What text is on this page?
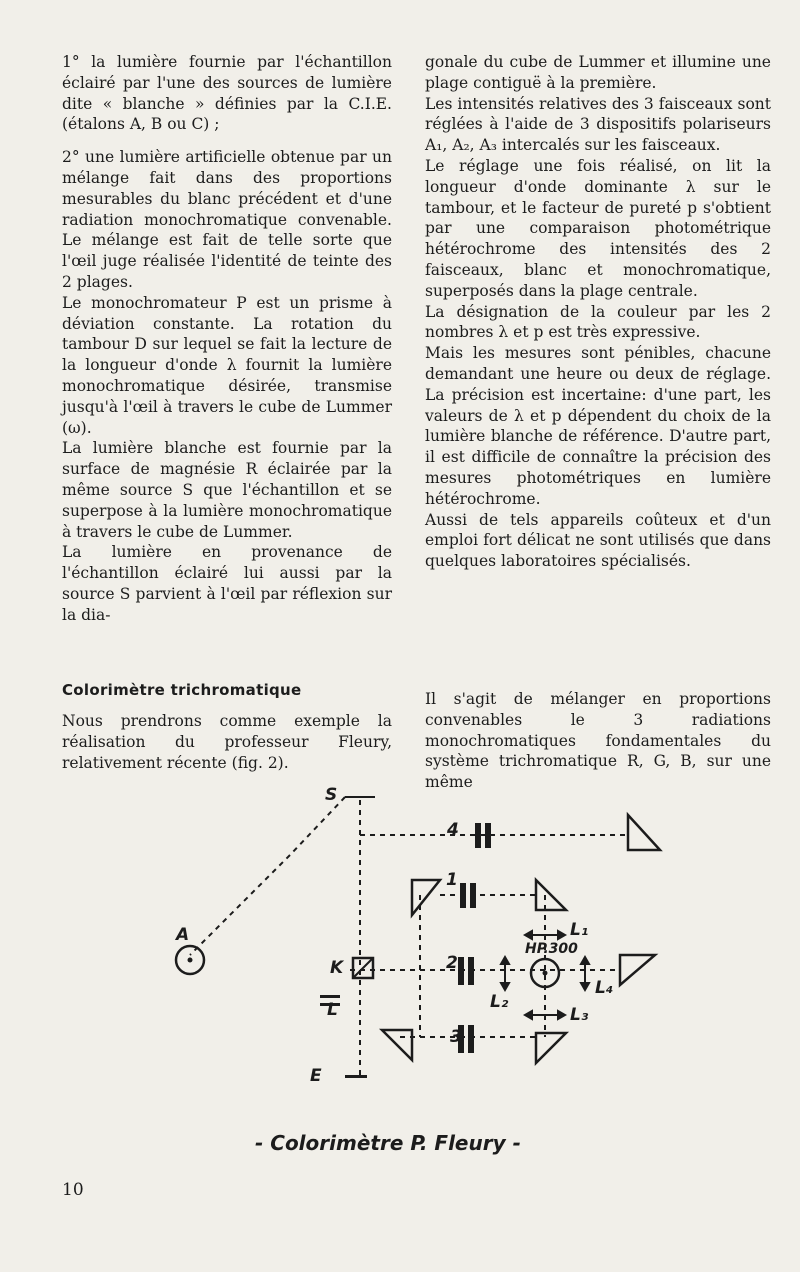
1° la lumière fournie par l'échantillon éclairé par l'une des sources de lumière dite « blanche » définies par la C.I.E. (étalons A, B ou C) ;

2° une lumière artificielle obtenue par un mélange fait dans des proportions mesurables du blanc précédent et d'une radiation monochromatique convenable. Le mélange est fait de telle sorte que l'œil juge réalisée l'identité de teinte des 2 plages.

Le monochromateur P est un prisme à déviation constante. La rotation du tambour D sur lequel se fait la lecture de la longueur d'onde λ fournit la lumière monochromatique désirée, transmise jusqu'à l'œil à travers le cube de Lummer (ω).

La lumière blanche est fournie par la surface de magnésie R éclairée par la même source S que l'échantillon et se superpose à la lumière monochromatique à travers le cube de Lummer.

La lumière en provenance de l'échantillon éclairé lui aussi par la source S parvient à l'œil par réflexion sur la dia-

gonale du cube de Lummer et illumine une plage contiguë à la première.

Les intensités relatives des 3 faisceaux sont réglées à l'aide de 3 dispositifs polariseurs A₁, A₂, A₃ intercalés sur les faisceaux.

Le réglage une fois réalisé, on lit la longueur d'onde dominante λ sur le tambour, et le facteur de pureté p s'obtient par une comparaison photométrique hétérochrome des intensités des 2 faisceaux, blanc et monochromatique, superposés dans la plage centrale.

La désignation de la couleur par les 2 nombres λ et p est très expressive.

Mais les mesures sont pénibles, chacune demandant une heure ou deux de réglage. La précision est incertaine: d'une part, les valeurs de λ et p dépendent du choix de la lumière blanche de référence. D'autre part, il est difficile de connaître la précision des mesures photométriques en lumière hétérochrome.

Aussi de tels appareils coûteux et d'un emploi fort délicat ne sont utilisés que dans quelques laboratoires spécialisés.

Colorimètre trichromatique

Nous prendrons comme exemple la réalisation du professeur Fleury, relativement récente (fig. 2).

Il s'agit de mélanger en proportions convenables le 3 radiations monochromatiques fondamentales du système trichromatique R, G, B, sur une même

S
A
K
L
E
4
1
2
3
L₁
L₂
L₃
L₄
HP.300
- Colorimètre P. Fleury -
10
